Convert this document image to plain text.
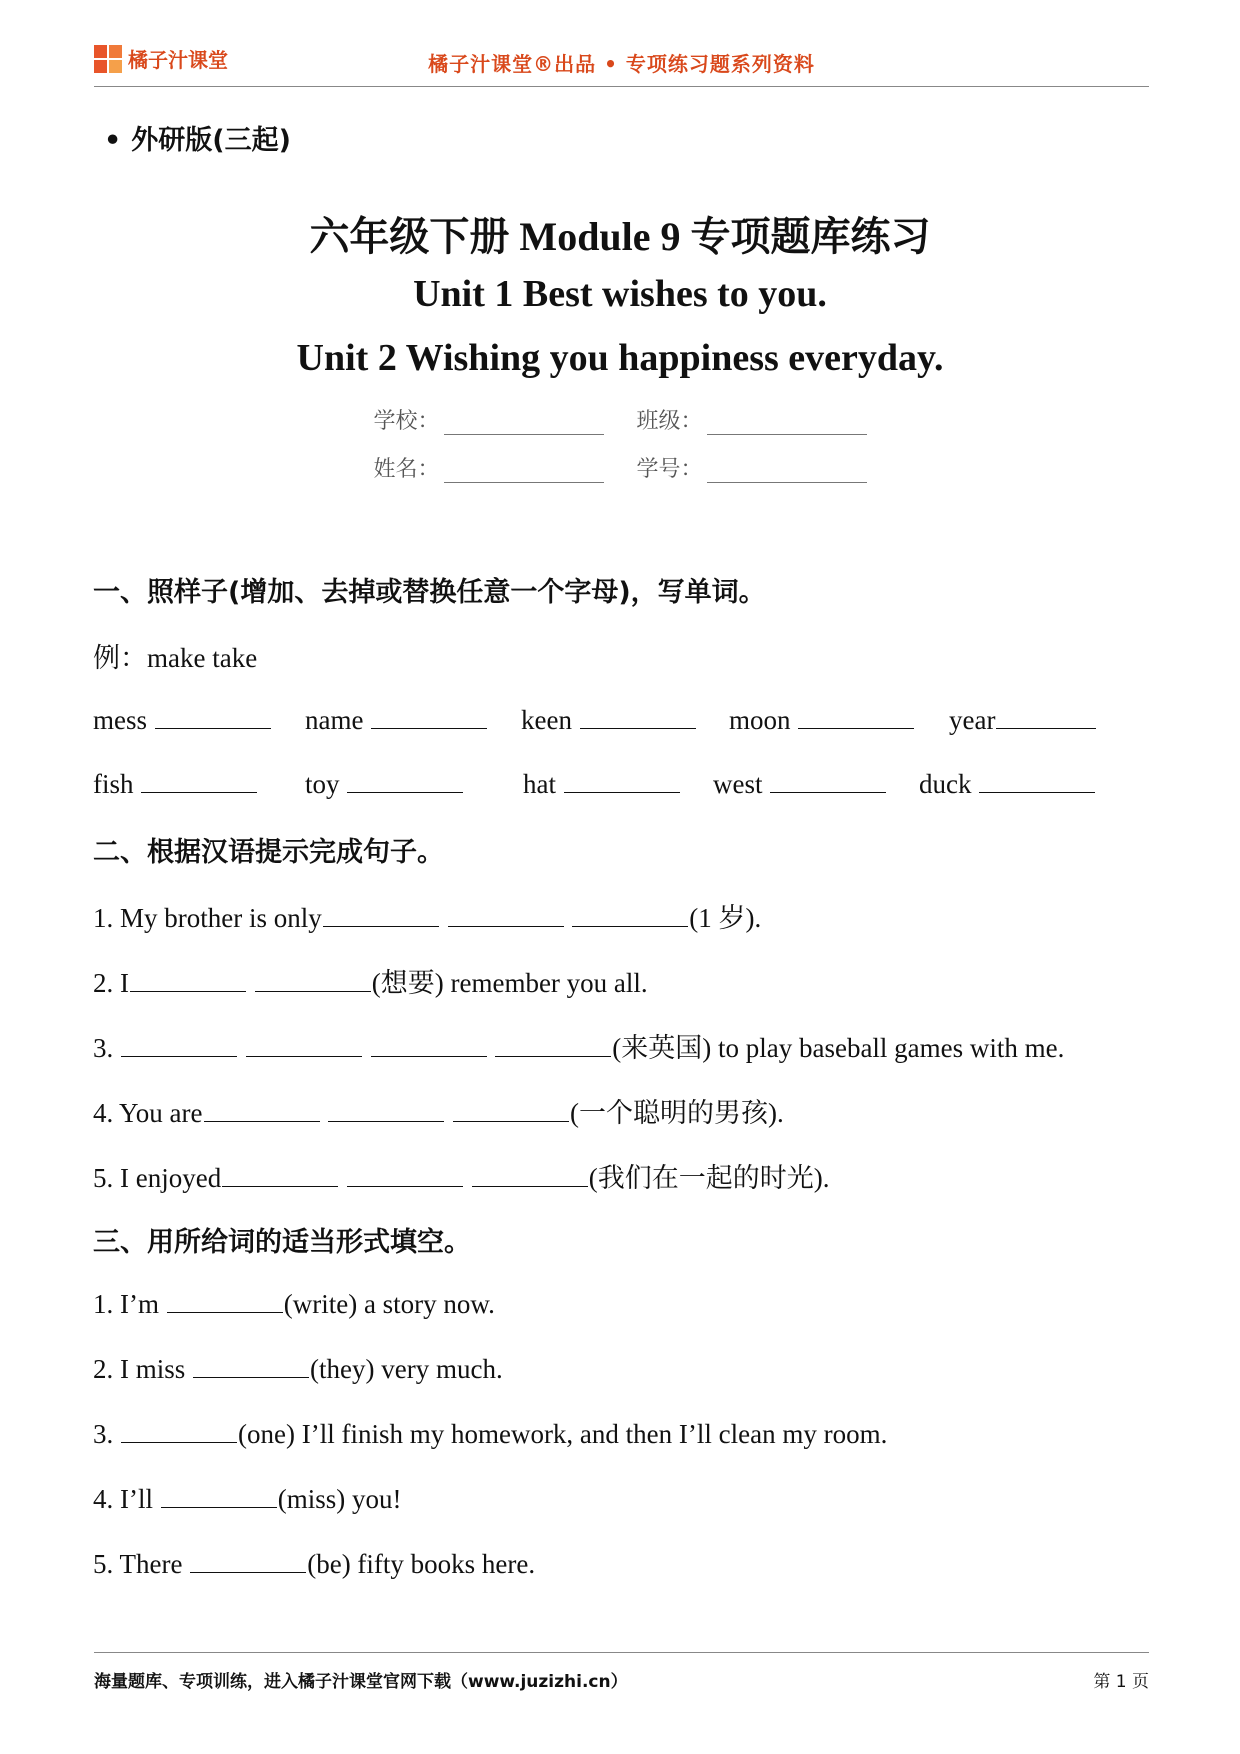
橘子汁课堂	橘子汁课堂®出品 • 专项练习题系列资料
• 外研版(三起)
六年级下册 Module 9 专项题库练习
Unit 1 Best wishes to you.
Unit 2 Wishing you happiness everyday.
学校：	班级：
姓名：	学号：
一、照样子(增加、去掉或替换任意一个字母)，写单词。
例：make take
mess	name	keen	moon	year
fish	toy	hat	west	duck
二、根据汉语提示完成句子。
1. My brother is only	(1 岁).
2. I	(想要) remember you all.
3.	(来英国) to play baseball games with me.
4. You are	(一个聪明的男孩).
5. I enjoyed	(我们在一起的时光).
三、用所给词的适当形式填空。
1. I’m	(write) a story now.
2. I miss	(they) very much.
3.	(one) I’ll finish my homework, and then I’ll clean my room.
4. I’ll	(miss) you!
5. There	(be) fifty books here.
海量题库、专项训练，进入橘子汁课堂官网下载（www.juzizhi.cn）	第 1 页
